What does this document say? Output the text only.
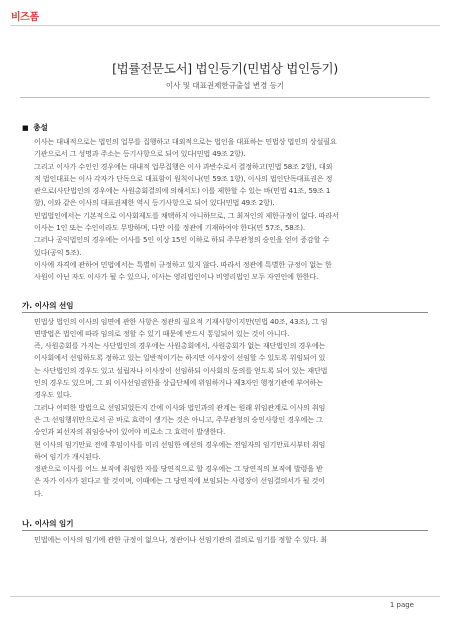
비즈폼
[법률전문도서] 법인등기(민법상 법인등기)
이사 및 대표권제한규출섭 변경 등기
■ 총설

이사는 대내적으로는 법인의 업무를 집행하고 대외적으로는 법인을 대표하는 민법상 법인의 상설필요

기관으로서 그 성명과 주소는 등기사항으로 되어 있다(민법 49조 2항).

그리고 이사가 수인인 경우에는 대내적 업무집행은 이사 과반수로서 결정하고(민법 58조 2항), 대외

적 법인대표는 이사 각자가 단독으로 대표함이 원칙이나(민 59조 1항), 이사의 법인단독대표권은 정

관으로(사단법인의 경우에는 사원총회결의에 의해서도) 이를 제한할 수 있는 바(민법 41조, 59조 1

항), 이와 같은 이사의 대표권제한 역시 등기사항으로 되어 있다(민법 49조 2항).

민법법인에서는 기본적으로 이사회제도를 채택하지 아니하므로, 그 최저인의 제한규정이 없다. 따라서

이사는 1인 또는 수인이라도 무방하며, 다만 이를 정관에 기재하여야 한다(민 57조, 58조).

그러나 공익법인의 경우에는 이사를 5인 이상 15인 이하로 하되 주무관청의 승인을 얻어 증감할 수

있다(공익 5조).

이사에 자격에 관하여 민법에서는 특별히 규정하고 있지 않다. 따라서 정관에 특별한 규정이 없는 한

사원이 아닌 자도 이사가 될 수 있으나, 이사는 영리법인이나 비영리법인 모두 자연인에 한한다.

가. 이사의 선임

민법상 법인의 이사의 임면에 관한 사항은 정관의 필요적 기재사항이지만(민법 40조, 43조), 그 임

면방법은 법인에 따라 임의로 정할 수 있기 때문에 반드시 통일되어 있는 것이 아니다.

즉, 사원총회를 가지는 사단법인의 경우에는 사원총회에서, 사원총회가 없는 재단법인의 경우에는

이사회에서 선임하도록 정하고 있는 일반적이기는 하지만 이사장이 선임할 수 있도록 위임되어 있

는 사단법인의 경우도 있고 설립자나 이사장이 선임하되 이사회의 동의를 얻도록 되어 있는 재단법

인의 경우도 있으며, 그 외 이사선임권한을 상급단체에 위임하거나 제3자인 행정기관에 부여하는

경우도 있다.

그러나 어떠한 방법으로 선임되었든지 간에 이사와 법인과의 관계는 원래 위임관계로 이사의 취임

은 그 선임행위만으로서 곧 바로 효력이 생기는 것은 아니고, 주무관청의 승인사항인 경우에는 그

승인과 피선자의 취임승낙이 있어야 비로소 그 효력이 발생한다.

현 이사의 임기만료 전에 후임이사를 미리 선임한 예선의 경우에는 전임자의 임기만료시부터 취임

하여 임기가 개시된다.

정관으로 이사를 어느 보직에 취임한 자를 당연직으로 할 경우에는 그 당연직의 보직에 발령을 받

은 자가 이사가 된다고 할 것이며, 이때에는 그 당연직에 보임되는 사령장이 선임결의서가 될 것이

다.

나. 이사의 임기

민법에는 이사의 임기에 관한 규정이 없으나, 정관이나 선임기관의 결의로 임기를 정할 수 있다. 최

1 page
